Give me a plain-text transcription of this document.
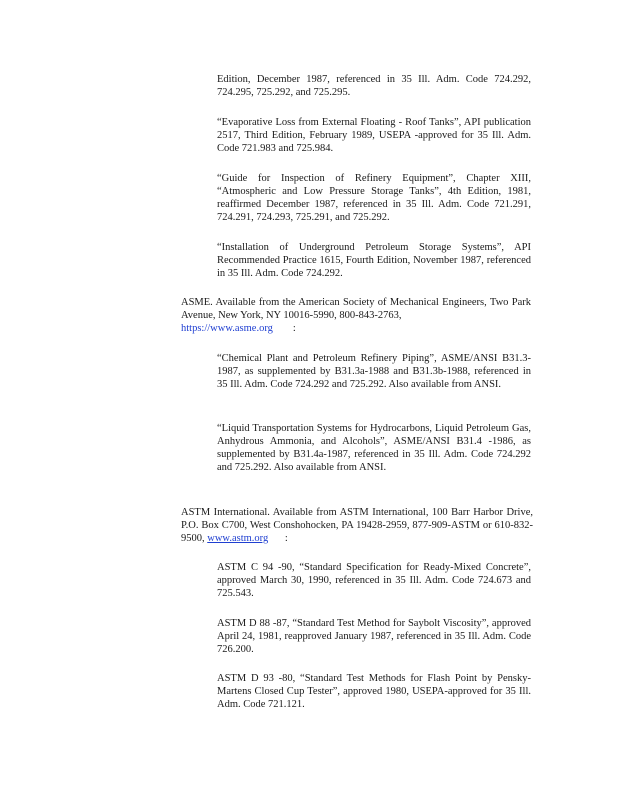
Edition, December 1987, referenced in 35 Ill. Adm. Code 724.292, 724.295, 725.292, and 725.295.

“Evaporative Loss from External Floating - Roof Tanks”, API publication 2517, Third Edition, February 1989, USEPA -approved for 35 Ill. Adm. Code 721.983 and 725.984.

“Guide for Inspection of Refinery Equipment”, Chapter XIII, “Atmospheric and Low Pressure Storage Tanks”, 4th Edition, 1981, reaffirmed December 1987, referenced in 35 Ill. Adm. Code 721.291, 724.291, 724.293, 725.291, and 725.292.

“Installation of Underground Petroleum Storage Systems”, API Recommended Practice 1615, Fourth Edition, November 1987, referenced in 35 Ill. Adm. Code 724.292.

ASME. Available from the American Society of Mechanical Engineers, Two Park Avenue, New York, NY 10016-5990, 800-843-2763,
https://www.asme.org :

“Chemical Plant and Petroleum Refinery Piping”, ASME/ANSI B31.3-1987, as supplemented by B31.3a-1988 and B31.3b-1988, referenced in 35 Ill. Adm. Code 724.292 and 725.292. Also available from ANSI.

“Liquid Transportation Systems for Hydrocarbons, Liquid Petroleum Gas, Anhydrous Ammonia, and Alcohols”, ASME/ANSI B31.4 -1986, as supplemented by B31.4a-1987, referenced in 35 Ill. Adm. Code 724.292 and 725.292. Also available from ANSI.

ASTM International. Available from ASTM International, 100 Barr Harbor Drive, P.O. Box C700, West Conshohocken, PA 19428-2959, 877-909-ASTM or 610-832-9500, www.astm.org :

ASTM C 94 -90, “Standard Specification for Ready-Mixed Concrete”, approved March 30, 1990, referenced in 35 Ill. Adm. Code 724.673 and 725.543.

ASTM D 88 -87, “Standard Test Method for Saybolt Viscosity”, approved April 24, 1981, reapproved January 1987, referenced in 35 Ill. Adm. Code 726.200.

ASTM D 93 -80, “Standard Test Methods for Flash Point by Pensky- Martens Closed Cup Tester”, approved 1980, USEPA-approved for 35 Ill. Adm. Code 721.121.
